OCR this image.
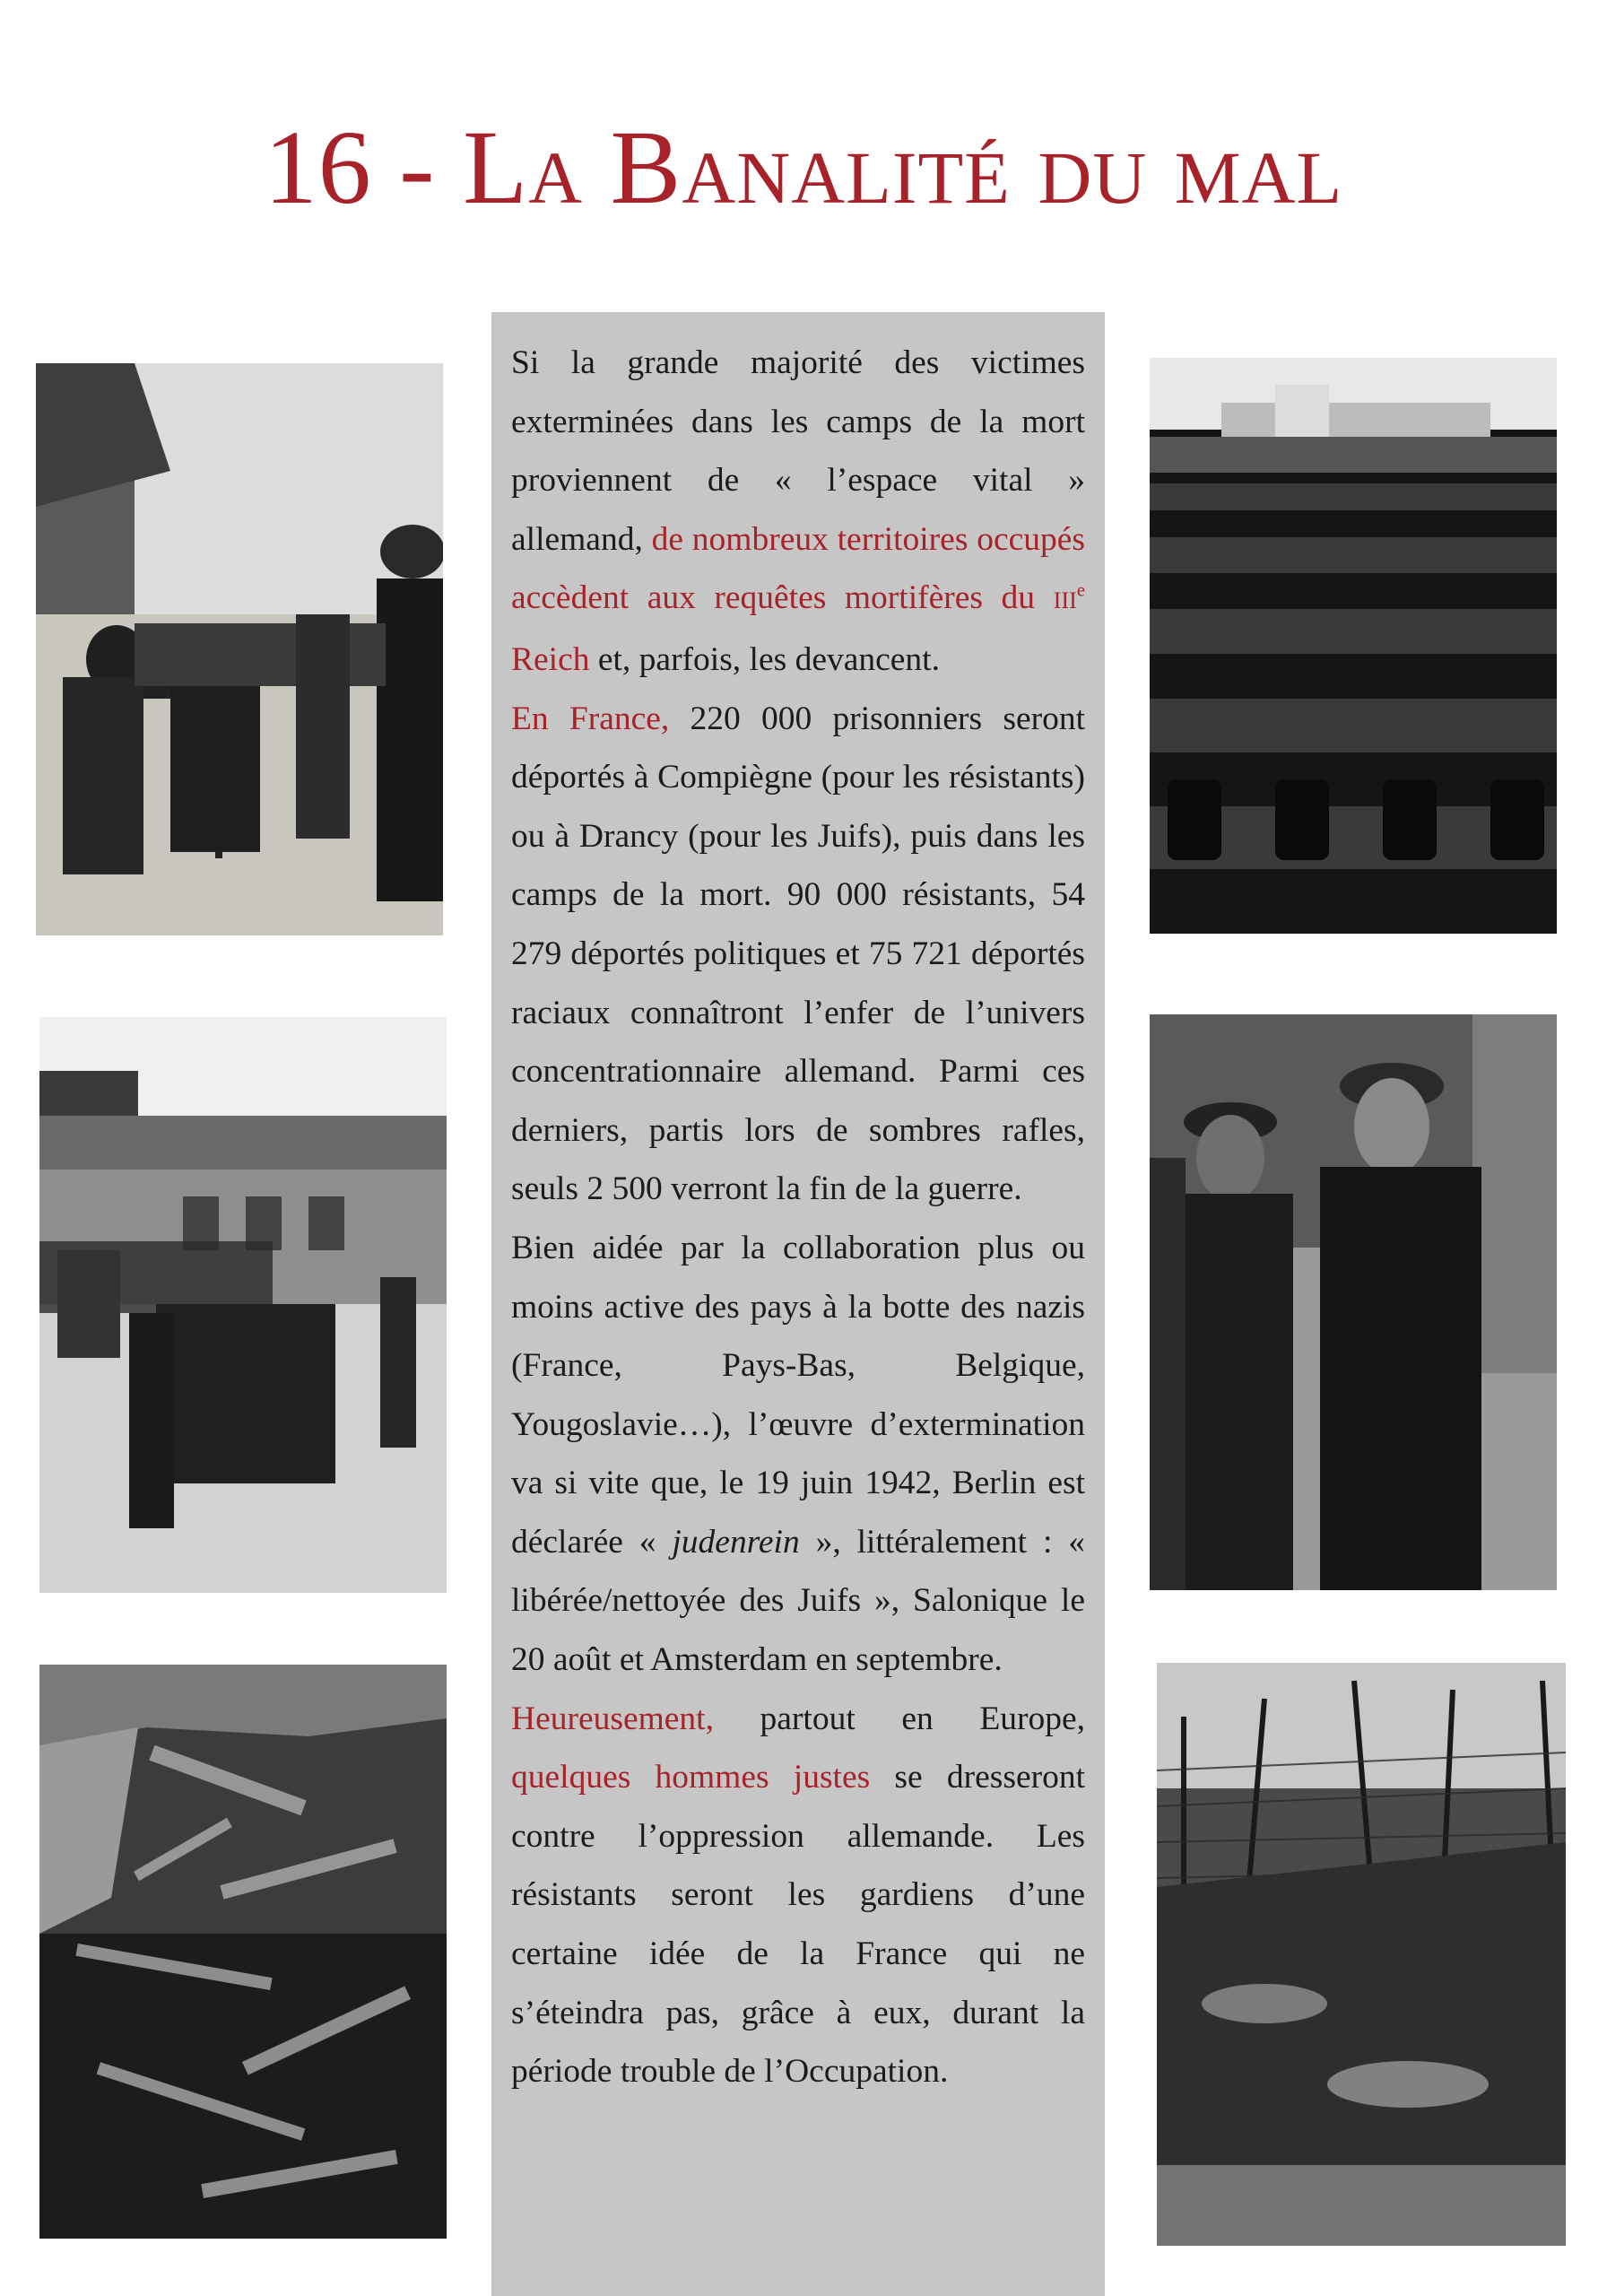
16 - La Banalité du mal

Si la grande majorité des victimes exterminées dans les camps de la mort proviennent de « l’espace vital » allemand, de nombreux territoires occupés accèdent aux requêtes mortifères du IIIe Reich et, parfois, les devancent.

En France, 220 000 prisonniers seront déportés à Compiègne (pour les résistants) ou à Drancy (pour les Juifs), puis dans les camps de la mort. 90 000 résistants, 54 279 déportés politiques et 75 721 déportés raciaux connaîtront l’enfer de l’univers concentrationnaire allemand. Parmi ces derniers, partis lors de sombres rafles, seuls 2 500 verront la fin de la guerre.

Bien aidée par la collaboration plus ou moins active des pays à la botte des nazis (France, Pays-Bas, Belgique, Yougoslavie…), l’œuvre d’extermination va si vite que, le 19 juin 1942, Berlin est déclarée « judenrein », littéralement : « libérée/nettoyée des Juifs », Salonique le 20 août et Amsterdam en septembre.

Heureusement, partout en Europe, quelques hommes justes se dresseront contre l’oppression allemande. Les résistants seront les gardiens d’une certaine idée de la France qui ne s’éteindra pas, grâce à eux, durant la période trouble de l’Occupation.
